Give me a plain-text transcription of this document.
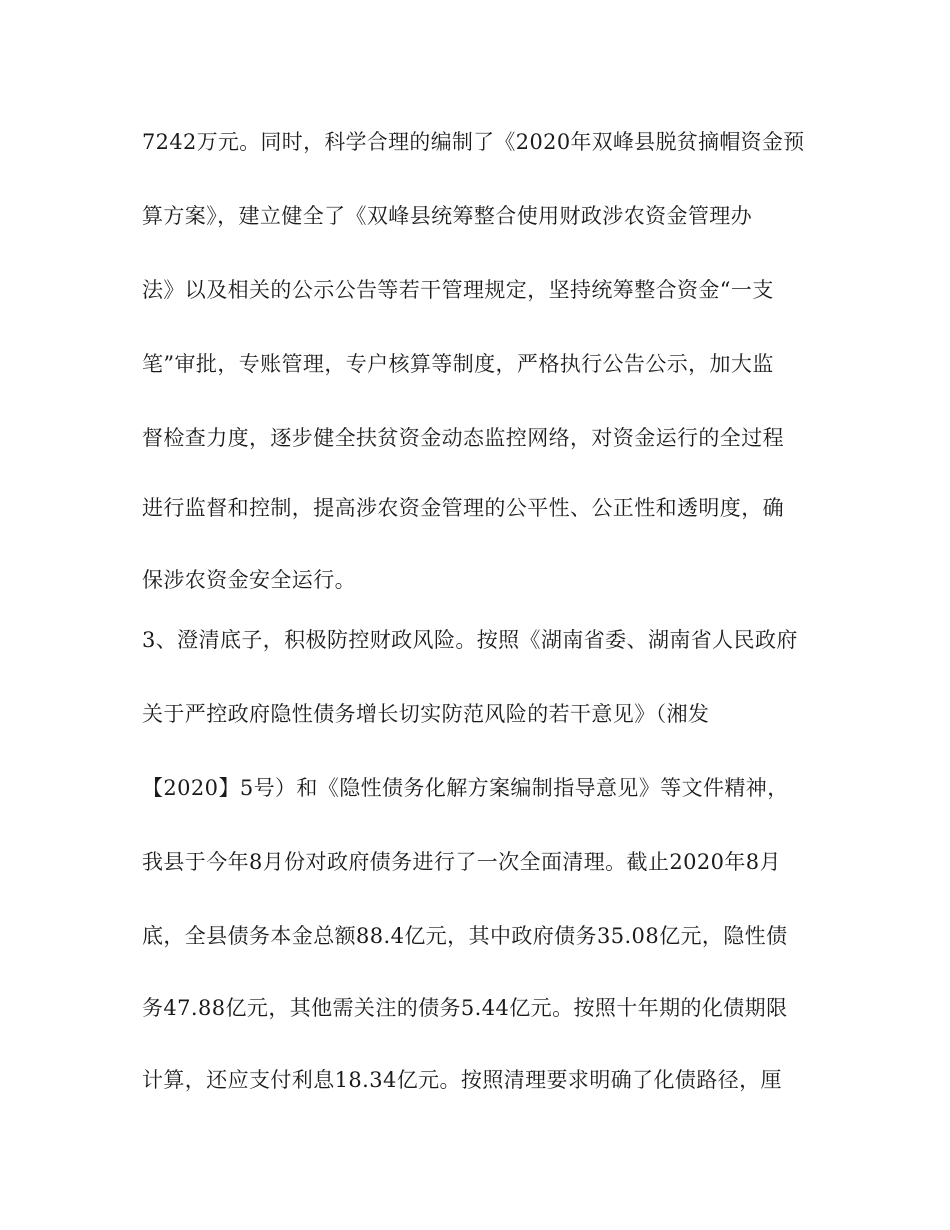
7242万元。同时，科学合理的编制了《2020年双峰县脱贫摘帽资金预
算方案》，建立健全了《双峰县统筹整合使用财政涉农资金管理办
法》以及相关的公示公告等若干管理规定，坚持统筹整合资金“一支
笔”审批，专账管理，专户核算等制度，严格执行公告公示，加大监
督检查力度，逐步健全扶贫资金动态监控网络，对资金运行的全过程
进行监督和控制，提高涉农资金管理的公平性、公正性和透明度，确
保涉农资金安全运行。
3、澄清底子，积极防控财政风险。按照《湖南省委、湖南省人民政府
关于严控政府隐性债务增长切实防范风险的若干意见》（湘发
【2020】5号）和《隐性债务化解方案编制指导意见》等文件精神，
我县于今年8月份对政府债务进行了一次全面清理。截止2020年8月
底，全县债务本金总额88.4亿元，其中政府债务35.08亿元，隐性债
务47.88亿元，其他需关注的债务5.44亿元。按照十年期的化债期限
计算，还应支付利息18.34亿元。按照清理要求明确了化债路径，厘
